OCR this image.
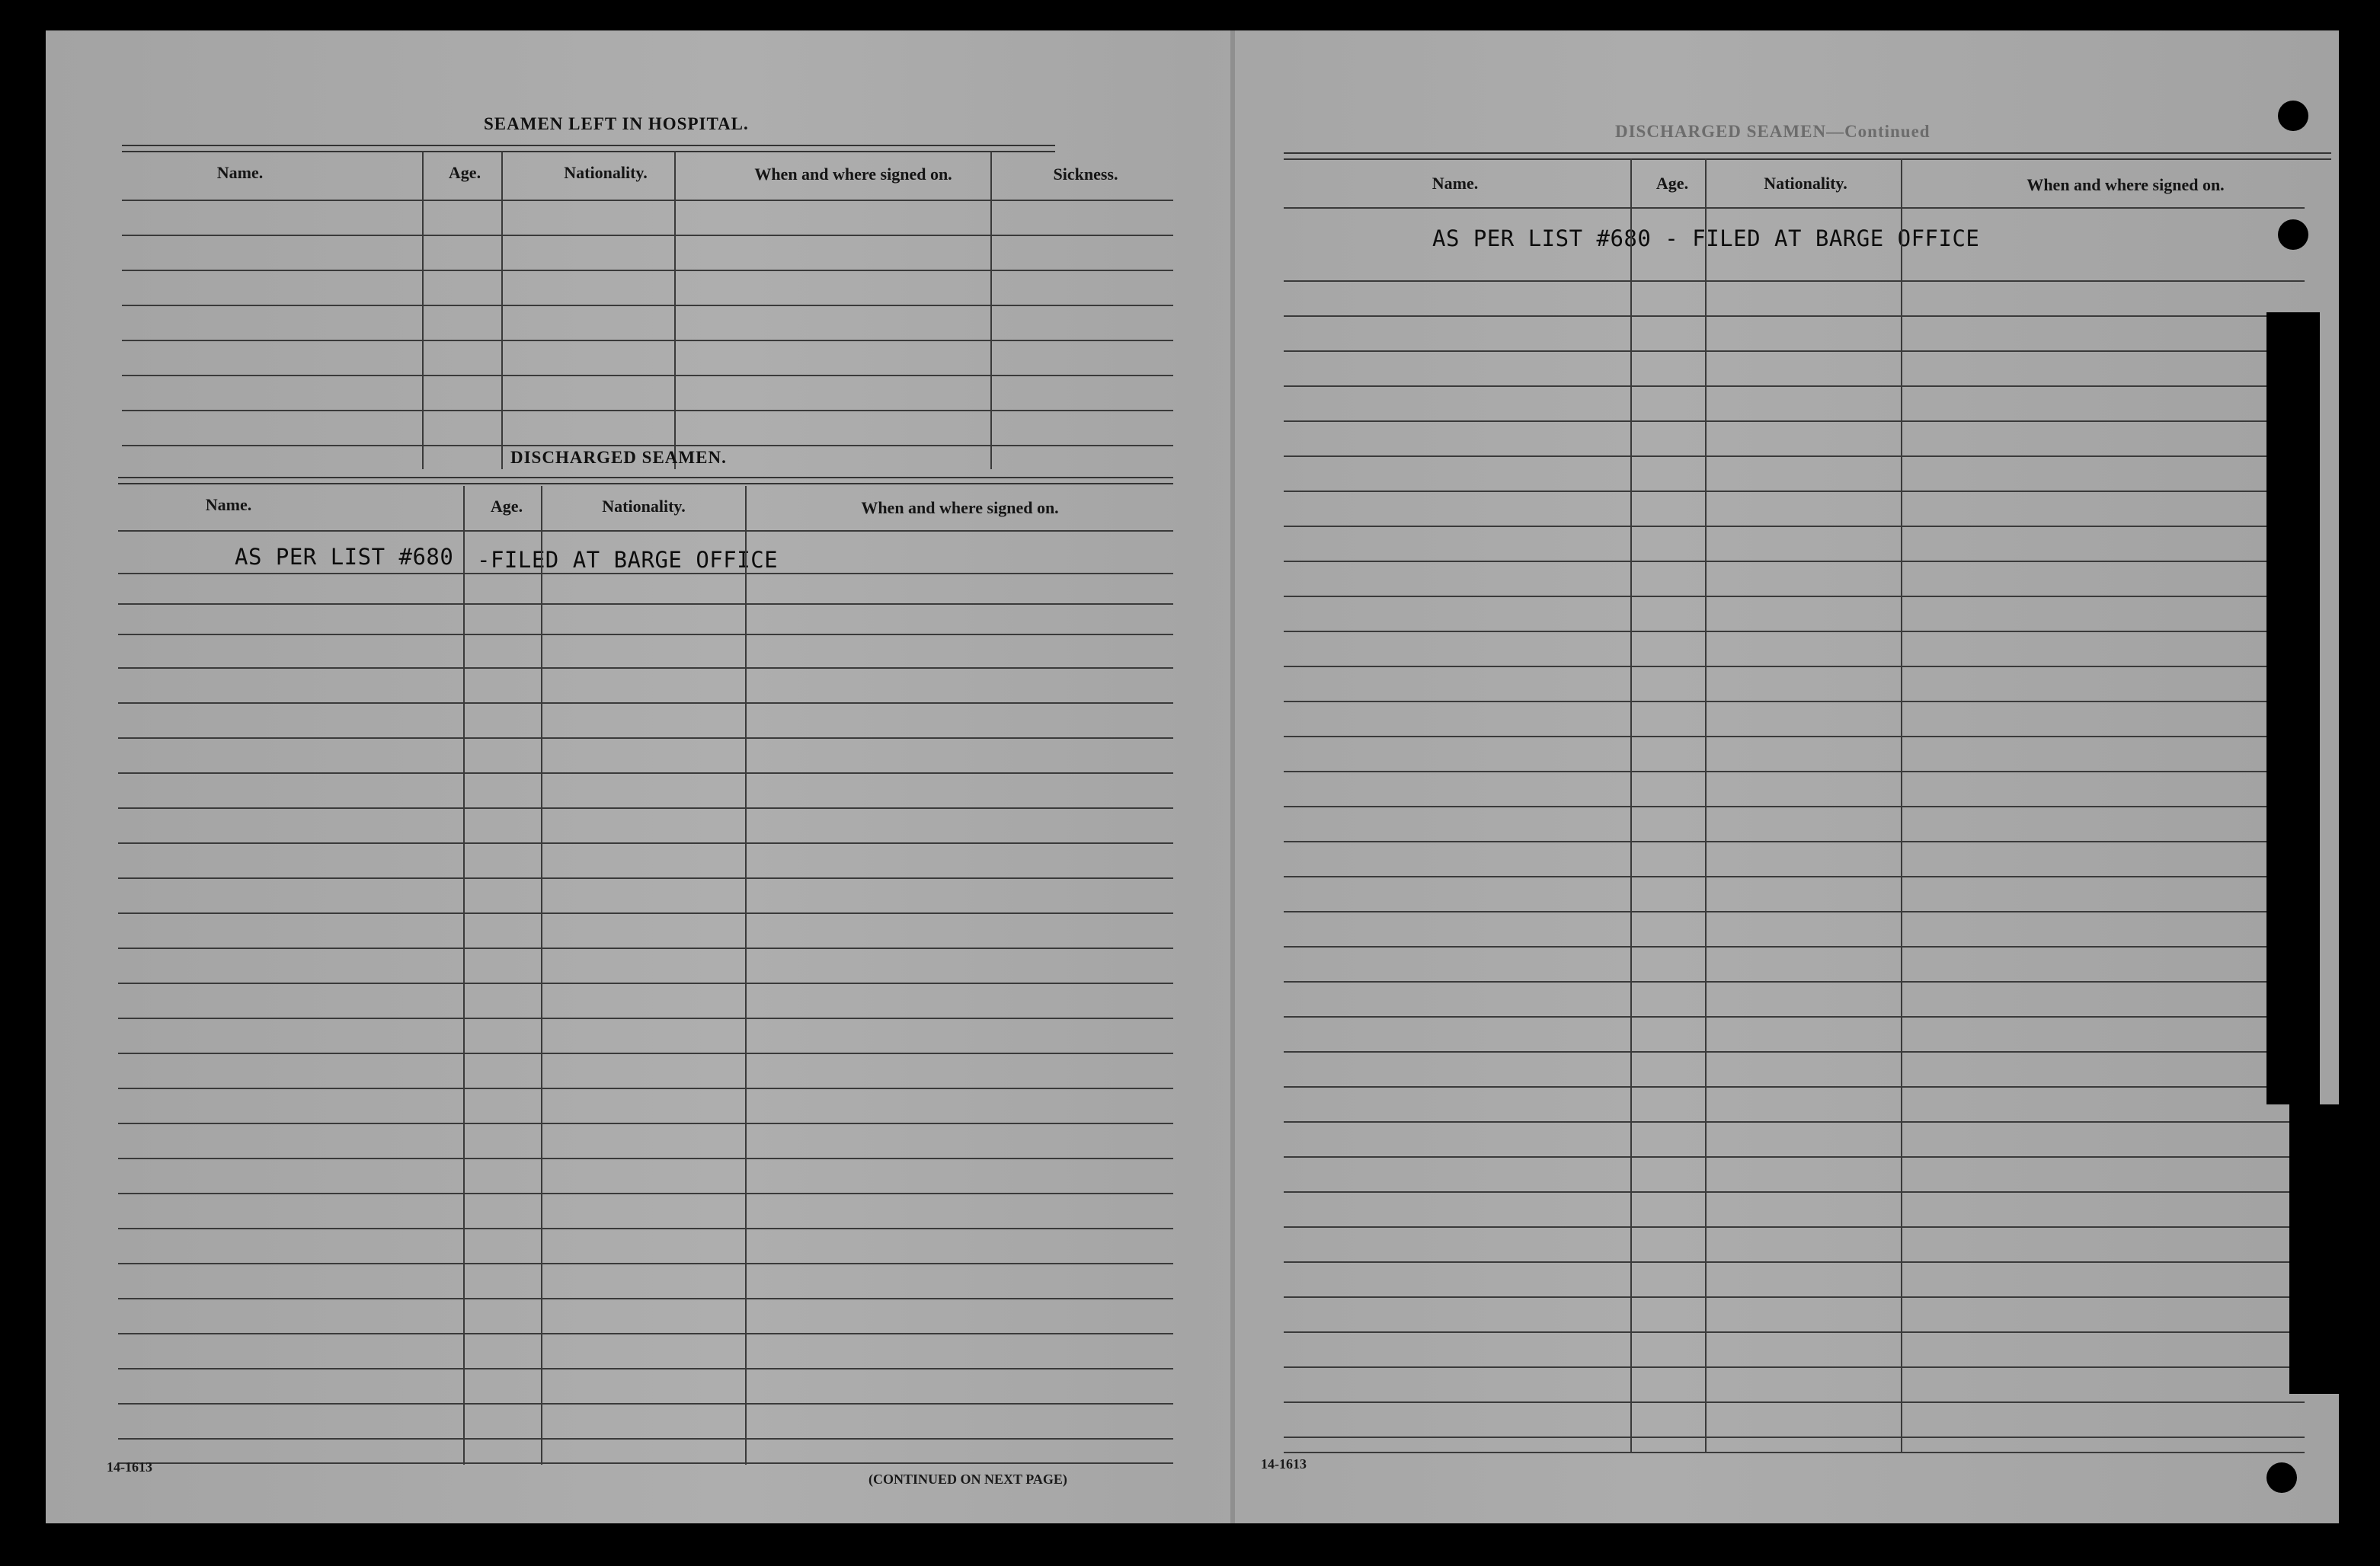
SEAMEN LEFT IN HOSPITAL.
Name.	Age.	Nationality.	When and where signed on.	Sickness.
DISCHARGED SEAMEN.
Name.	Age.	Nationality.	When and where signed on.
AS PER LIST #680 -FILED AT BARGE OFFICE
14-1613
(CONTINUED ON NEXT PAGE)
DISCHARGED SEAMEN—Continued
Name.	Age.	Nationality.	When and where signed on.
AS PER LIST #680 - FILED AT BARGE OFFICE
14-1613
